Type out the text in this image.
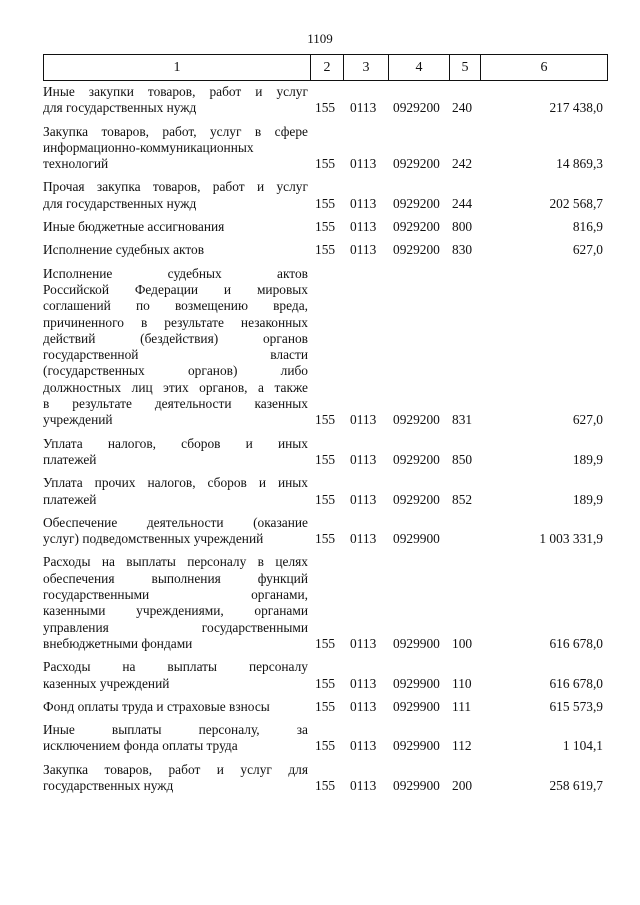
1109
1	2	3	4	5	6
Иные закупки товаров, работ и услуг
для государственных нужд	155 0113 0929200 240	217 438,0
Закупка товаров, работ, услуг в сфере
информационно-коммуникационных
технологий	155 0113 0929200 242	14 869,3
Прочая закупка товаров, работ и услуг
для государственных нужд	155 0113 0929200 244	202 568,7
Иные бюджетные ассигнования	155 0113 0929200 800	816,9
Исполнение судебных актов	155 0113 0929200 830	627,0
Исполнение судебных актов
Российской Федерации и мировых
соглашений по возмещению вреда,
причиненного в результате незаконных
действий (бездействия) органов
государственной власти
(государственных органов) либо
должностных лиц этих органов, а также
в результате деятельности казенных
учреждений	155 0113 0929200 831	627,0
Уплата налогов, сборов и иных
платежей	155 0113 0929200 850	189,9
Уплата прочих налогов, сборов и иных
платежей	155 0113 0929200 852	189,9
Обеспечение деятельности (оказание
услуг) подведомственных учреждений	155 0113 0929900	1 003 331,9
Расходы на выплаты персоналу в целях
обеспечения выполнения функций
государственными органами,
казенными учреждениями, органами
управления государственными
внебюджетными фондами	155 0113 0929900 100	616 678,0
Расходы на выплаты персоналу
казенных учреждений	155 0113 0929900 110	616 678,0
Фонд оплаты труда и страховые взносы	155 0113 0929900 111	615 573,9
Иные выплаты персоналу, за
исключением фонда оплаты труда	155 0113 0929900 112	1 104,1
Закупка товаров, работ и услуг для
государственных нужд	155 0113 0929900 200	258 619,7
